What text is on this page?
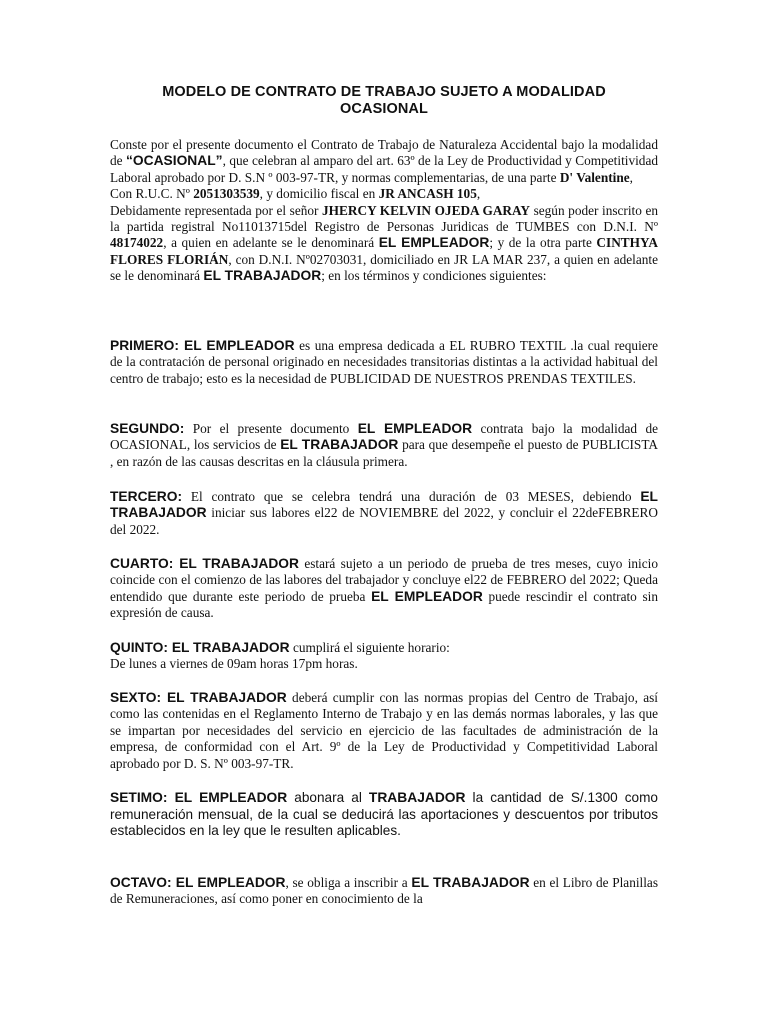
MODELO DE CONTRATO DE TRABAJO SUJETO A MODALIDAD
OCASIONAL

Conste por el presente documento el Contrato de Trabajo de Naturaleza Accidental bajo la modalidad de “OCASIONAL”, que celebran al amparo del art. 63º de la Ley de Productividad y Competitividad Laboral aprobado por D. S.N º 003-97-TR, y normas complementarias, de una parte D' Valentine,

Con R.U.C. Nº 2051303539, y domicilio fiscal en JR ANCASH 105,

Debidamente representada por el señor JHERCY KELVIN OJEDA GARAY según poder inscrito en la partida registral No11013715del Registro de Personas Juridicas de TUMBES con D.N.I. Nº 48174022, a quien en adelante se le denominará EL EMPLEADOR; y de la otra parte CINTHYA FLORES FLORIÁN, con D.N.I. Nº02703031, domiciliado en JR LA MAR 237, a quien en adelante se le denominará EL TRABAJADOR; en los términos y condiciones siguientes:

PRIMERO: EL EMPLEADOR es una empresa dedicada a EL RUBRO TEXTIL .la cual requiere de la contratación de personal originado en necesidades transitorias distintas a la actividad habitual del centro de trabajo; esto es la necesidad de PUBLICIDAD DE NUESTROS PRENDAS TEXTILES.

SEGUNDO: Por el presente documento EL EMPLEADOR contrata bajo la modalidad de OCASIONAL, los servicios de EL TRABAJADOR para que desempeñe el puesto de PUBLICISTA , en razón de las causas descritas en la cláusula primera.

TERCERO: El contrato que se celebra tendrá una duración de 03 MESES, debiendo EL TRABAJADOR iniciar sus labores el22 de NOVIEMBRE del 2022, y concluir el 22deFEBRERO del 2022.

CUARTO: EL TRABAJADOR estará sujeto a un periodo de prueba de tres meses, cuyo inicio coincide con el comienzo de las labores del trabajador y concluye el22 de FEBRERO del 2022; Queda entendido que durante este periodo de prueba EL EMPLEADOR puede rescindir el contrato sin expresión de causa.

QUINTO: EL TRABAJADOR cumplirá el siguiente horario:

De lunes a viernes de 09am horas 17pm horas.

SEXTO: EL TRABAJADOR deberá cumplir con las normas propias del Centro de Trabajo, así como las contenidas en el Reglamento Interno de Trabajo y en las demás normas laborales, y las que se impartan por necesidades del servicio en ejercicio de las facultades de administración de la empresa, de conformidad con el Art. 9º de la Ley de Productividad y Competitividad Laboral aprobado por D. S. Nº 003-97-TR.

SETIMO: EL EMPLEADOR abonara al TRABAJADOR la cantidad de S/.1300 como remuneración mensual, de la cual se deducirá las aportaciones y descuentos por tributos establecidos en la ley que le resulten aplicables.

OCTAVO: EL EMPLEADOR, se obliga a inscribir a EL TRABAJADOR en el Libro de Planillas de Remuneraciones, así como poner en conocimiento de la
